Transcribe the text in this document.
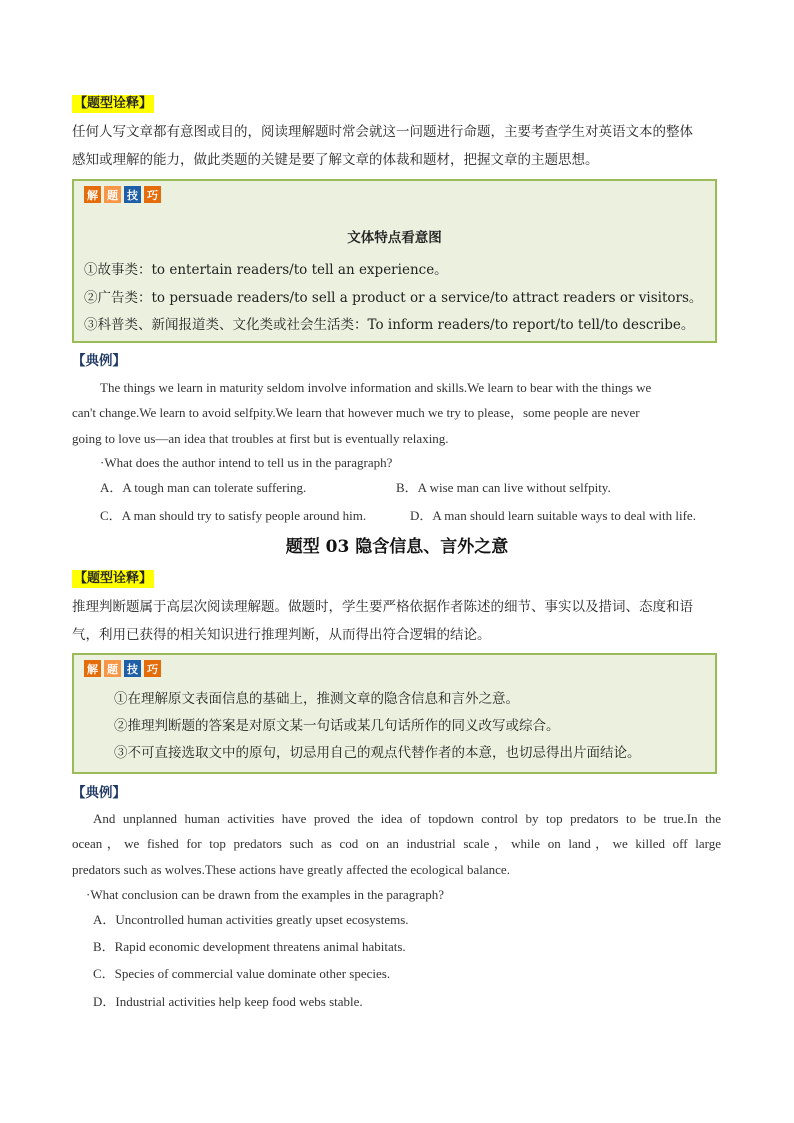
【题型诠释】
任何人写文章都有意图或目的，阅读理解题时常会就这一问题进行命题，主要考查学生对英语文本的整体
感知或理解的能力，做此类题的关键是要了解文章的体裁和题材，把握文章的主题思想。
解 题 技 巧
文体特点看意图
①故事类：to entertain readers/to tell an experience。
②广告类：to persuade readers/to sell a product or a service/to attract readers or visitors。
③科普类、新闻报道类、文化类或社会生活类：To inform readers/to report/to tell/to describe。
【典例】
The things we learn in maturity seldom involve information and skills.We learn to bear with the things we
can't change.We learn to avoid selfpity.We learn that however much we try to please，some people are never
going to love us—an idea that troubles at first but is eventually relaxing.
·What does the author intend to tell us in the paragraph?
A．A tough man can tolerate suffering.	B．A wise man can live without selfpity.
C．A man should try to satisfy people around him.	D．A man should learn suitable ways to deal with life.
题型 03 隐含信息、言外之意
【题型诠释】
推理判断题属于高层次阅读理解题。做题时，学生要严格依据作者陈述的细节、事实以及措词、态度和语
气，利用已获得的相关知识进行推理判断，从而得出符合逻辑的结论。
解 题 技 巧
①在理解原文表面信息的基础上，推测文章的隐含信息和言外之意。
②推理判断题的答案是对原文某一句话或某几句话所作的同义改写或综合。
③不可直接选取文中的原句，切忌用自己的观点代替作者的本意，也切忌得出片面结论。
【典例】
And unplanned human activities have proved the idea of topdown control by top predators to be true.In the
ocean，we fished for top predators such as cod on an industrial scale，while on land，we killed off large
predators such as wolves.These actions have greatly affected the ecological balance.
·What conclusion can be drawn from the examples in the paragraph?
A．Uncontrolled human activities greatly upset ecosystems.
B．Rapid economic development threatens animal habitats.
C．Species of commercial value dominate other species.
D．Industrial activities help keep food webs stable.
